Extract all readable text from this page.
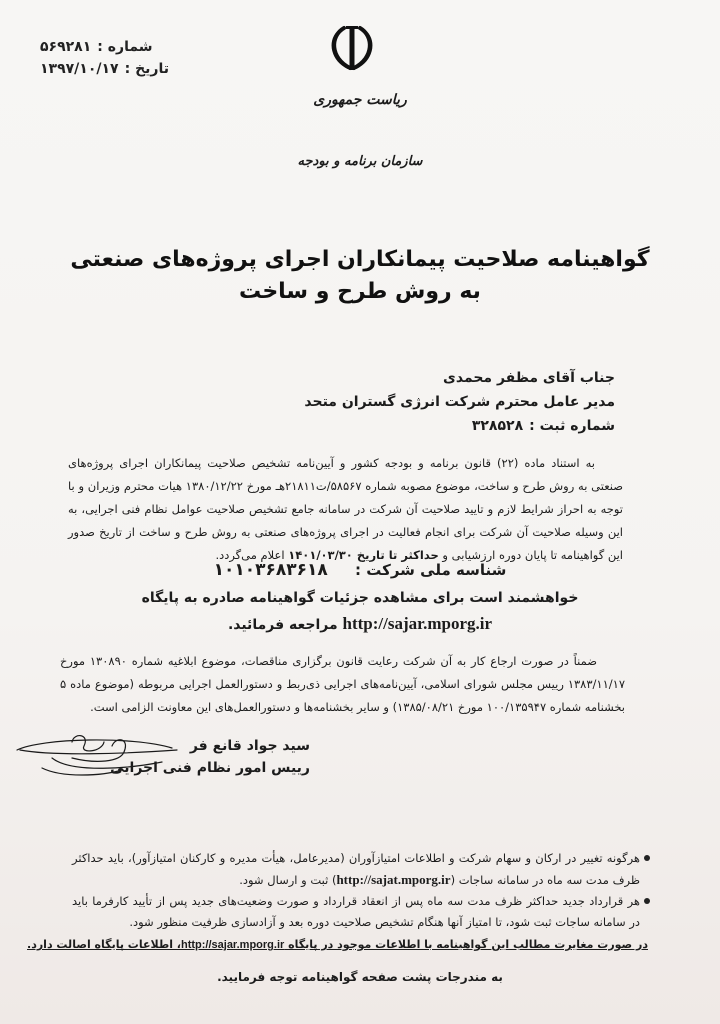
شماره :
۵۶۹۲۸۱
تاریخ :
۱۳۹۷/۱۰/۱۷
ریاست جمهوری
سازمان برنامه و بودجه
گواهینامه صلاحیت پیمانکاران اجرای پروژه‌های صنعتی
به روش طرح و ساخت
جناب آقای مظفر محمدی
مدیر عامل محترم شرکت انرژی گستران متحد
شماره ثبت :
۳۲۸۵۲۸

به استناد ماده (۲۲) قانون برنامه و بودجه کشور و آیین‌نامه تشخیص صلاحیت پیمانکاران اجرای پروژه‌های صنعتی به روش طرح و ساخت، موضوع مصوبه شماره ۵۸۵۶۷/ت۲۱۸۱۱هـ مورخ ۱۳۸۰/۱۲/۲۲ هیات محترم وزیران و با توجه به احراز شرایط لازم و تایید صلاحیت آن شرکت در سامانه جامع تشخیص صلاحیت عوامل نظام فنی اجرایی، به این وسیله صلاحیت آن شرکت برای انجام فعالیت در اجرای پروژه‌های صنعتی به روش طرح و ساخت از تاریخ صدور این گواهینامه تا پایان دوره ارزشیابی و حداکثر تا تاریخ ۱۴۰۱/۰۳/۳۰ اعلام می‌گردد.

شناسه ملی شرکت : ۱۰۱۰۳۶۸۳۶۱۸
خواهشمند است برای مشاهده جزئیات گواهینامه صادره به پایگاه
http://sajar.mporg.ir مراجعه فرمائید.

ضمناً در صورت ارجاع کار به آن شرکت رعایت قانون برگزاری مناقصات، موضوع ابلاغیه شماره ۱۳۰۸۹۰ مورخ ۱۳۸۳/۱۱/۱۷ رییس مجلس شورای اسلامی، آیین‌نامه‌های اجرایی ذی‌ربط و دستورالعمل اجرایی مربوطه (موضوع ماده ۵ بخشنامه شماره ۱۰۰/۱۳۵۹۴۷ مورخ ۱۳۸۵/۰۸/۲۱) و سایر بخشنامه‌ها و دستورالعمل‌های این معاونت الزامی است.

سید جواد قانع فر
رییس امور نظام فنی اجرایی
هرگونه تغییر در ارکان و سهام شرکت و اطلاعات امتیازآوران (مدیرعامل، هیأت مدیره و کارکنان امتیازآور)، باید حداکثر ظرف مدت سه ماه در سامانه ساجات (http://sajat.mporg.ir) ثبت و ارسال شود.
هر قرارداد جدید حداکثر ظرف مدت سه ماه پس از انعقاد قرارداد و صورت وضعیت‌های جدید پس از تأیید کارفرما باید در سامانه ساجات ثبت شود، تا امتیاز آنها هنگام تشخیص صلاحیت دوره بعد و آزادسازی ظرفیت منظور شود.
در صورت مغایرت مطالب این گواهینامه با اطلاعات موجود در پایگاه http://sajar.mporg.ir، اطلاعات پایگاه اصالت دارد.
به مندرجات پشت صفحه گواهینامه توجه فرمایید.
